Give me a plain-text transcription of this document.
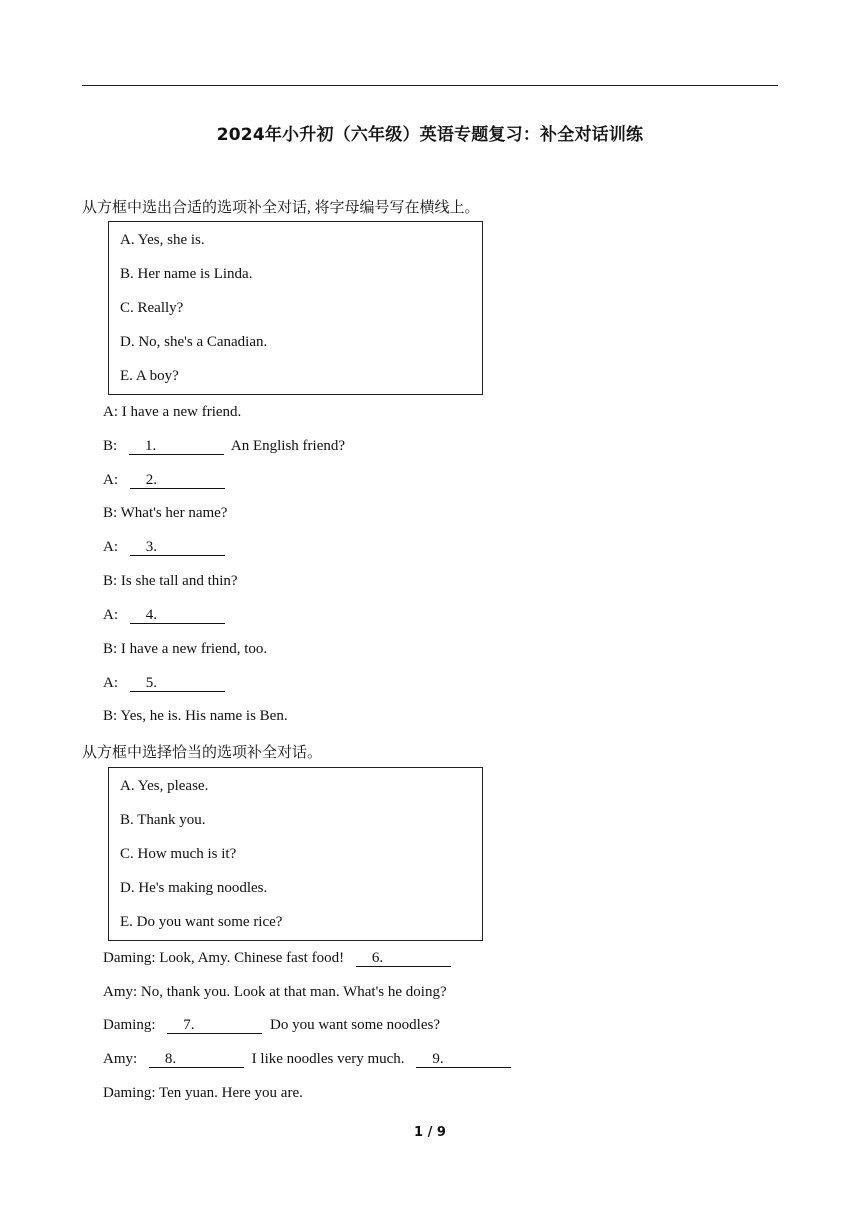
2024年小升初（六年级）英语专题复习：补全对话训练
从方框中选出合适的选项补全对话, 将字母编号写在横线上。
A. Yes, she is.
B. Her name is Linda.
C. Really?
D. No, she's a Canadian.
E. A boy?
A: I have a new friend.
B: 1.	An English friend?
A: 2.
B: What's her name?
A: 3.
B: Is she tall and thin?
A: 4.
B: I have a new friend, too.
A: 5.
B: Yes, he is. His name is Ben.
从方框中选择恰当的选项补全对话。
A. Yes, please.
B. Thank you.
C. How much is it?
D. He's making noodles.
E. Do you want some rice?
Daming: Look, Amy. Chinese fast food! 6.
Amy: No, thank you. Look at that man. What's he doing?
Daming: 7.	Do you want some noodles?
Amy: 8.	I like noodles very much. 9.
Daming: Ten yuan. Here you are.
1 / 9
